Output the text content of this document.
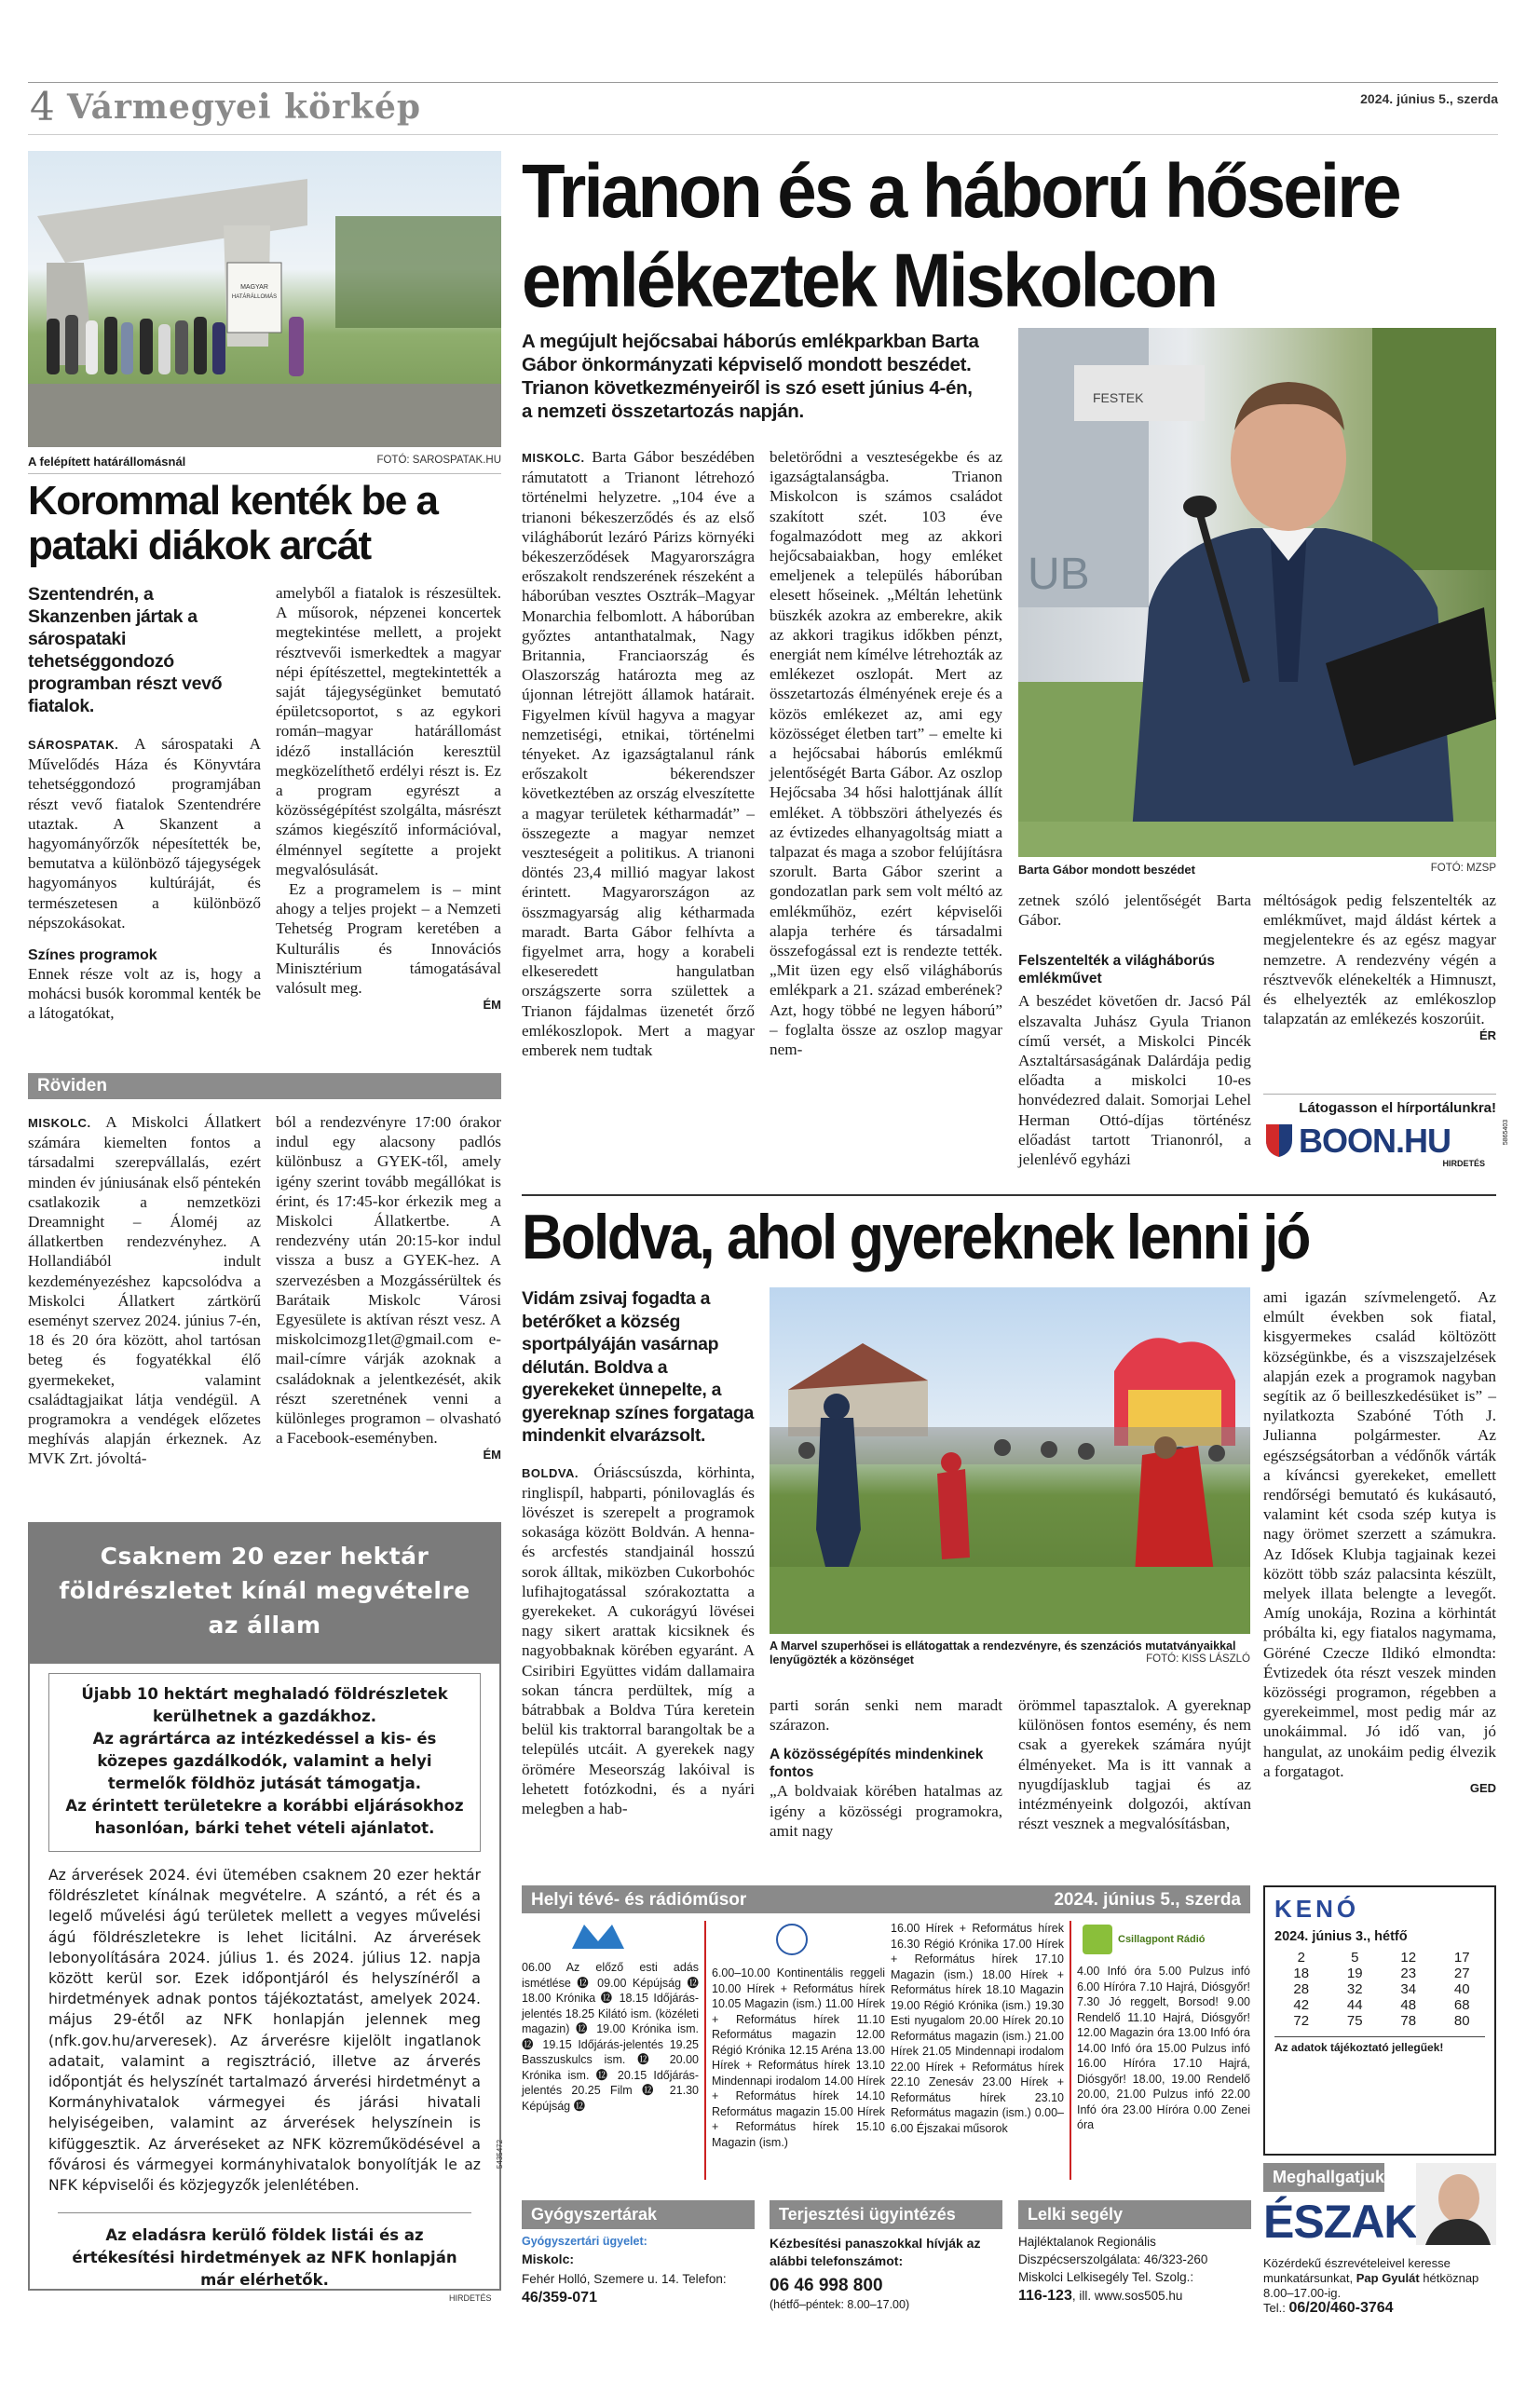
4 Vármegyei körkép	2024. június 5., szerda
MAGYAR
HATÁRÁLLOMÁS
A felépített határállomásnál	FOTÓ: SAROSPATAK.HU
Korommal kenték be a pataki diákok arcát
Szentendrén, a Skanzenben jártak a sárospataki tehetséggondozó programban részt vevő fiatalok.
SÁROSPATAK. A sárospataki A Művelődés Háza és Könyvtára tehetséggondozó programjában részt vevő fiatalok Szentendrére utaztak. A Skanzent a hagyományőrzők népesítették be, bemutatva a különböző tájegységek hagyományos kultúráját, és természetesen a különböző népszokásokat.
Színes programok
Ennek része volt az is, hogy a mohácsi busók korommal kenték be a látogatókat,
amelyből a fiatalok is részesültek. A műsorok, népzenei koncertek megtekintése mellett, a projekt résztvevői ismerkedtek a magyar népi építészettel, megtekintették a saját tájegységünket bemutató épületcsoportot, s az egykori román–magyar határállomást idéző installáción keresztül megközelíthető erdélyi részt is. Ez a program egyrészt a közösségépítést szolgálta, másrészt számos kiegészítő információval, élménnyel segítette a projekt megvalósulását.
Ez a programelem is – mint ahogy a teljes projekt – a Nemzeti Tehetség Program keretében a Kulturális és Innovációs Minisztérium támogatásával valósult meg.
ÉM
Röviden
MISKOLC. A Miskolci Állatkert számára kiemelten fontos a társadalmi szerepvállalás, ezért minden év júniusának első péntekén csatlakozik a nemzetközi Dreamnight – Áloméj az állatkertben rendezvényhez. A Hollandiából indult kezdeményezéshez kapcsolódva a Miskolci Állatkert zártkörű eseményt szervez 2024. június 7-én, 18 és 20 óra között, ahol tartósan beteg és fogyatékkal élő gyermekeket, valamint családtagjaikat látja vendégül. A programokra a vendégek előzetes meghívás alapján érkeznek. Az MVK Zrt. jóvoltá-
ból a rendezvényre 17:00 órakor indul egy alacsony padlós különbusz a GYEK-től, amely igény szerint tovább megállókat is érint, és 17:45-kor érkezik meg a Miskolci Állatkertbe. A rendezvény után 20:15-kor indul vissza a busz a GYEK-hez. A szervezésben a Mozgássérültek és Barátaik Miskolc Városi Egyesülete is aktívan részt vesz. A miskolcimozg1let@gmail.com e-mail-címre várják azoknak a családoknak a jelentkezését, akik részt szeretnének venni a különleges programon – olvasható a Facebook-eseményben.
ÉM
Csaknem 20 ezer hektár földrészletet kínál megvételre az állam
Újabb 10 hektárt meghaladó földrészletek kerülhetnek a gazdákhoz.
Az agrártárca az intézkedéssel a kis- és közepes gazdálkodók, valamint a helyi termelők földhöz jutását támogatja.
Az érintett területekre a korábbi eljárásokhoz hasonlóan, bárki tehet vételi ajánlatot.
Az árverések 2024. évi ütemében csaknem 20 ezer hektár földrészletet kínálnak megvételre. A szántó, a rét és a legelő művelési ágú területek mellett a vegyes művelési ágú földrészletekre is lehet licitálni. Az árverések lebonyolítására 2024. július 1. és 2024. július 12. napja között kerül sor. Ezek időpontjáról és helyszínéről a hirdetmények adnak pontos tájékoztatást, amelyek 2024. május 29-étől az NFK honlapján jelennek meg (nfk.gov.hu/arveresek). Az árverésre kijelölt ingatlanok adatait, valamint a regisztráció, illetve az árverés időpontját és helyszínét tartalmazó árverési hirdetményt a Kormányhivatalok vármegyei és járási hivatali helyiségeiben, valamint az árverések helyszínein is kifüggesztik. Az árveréseket az NFK közreműködésével a fővárosi és vármegyei kormányhivatalok bonyolítják le az NFK képviselői és közjegyzők jelenlétében.
Az eladásra kerülő földek listái és az értékesítési hirdetmények az NFK honlapján már elérhetők.
5435472
HIRDETÉS
Trianon és a háború hőseire emlékeztek Miskolcon
A megújult hejőcsabai háborús emlékparkban Barta Gábor önkormányzati képviselő mondott beszédet. Trianon következményeiről is szó esett június 4-én, a nemzeti összetartozás napján.
FESTEK
UB
Barta Gábor mondott beszédet	FOTÓ: MZSP
MISKOLC. Barta Gábor beszédében rámutatott a Trianont létrehozó történelmi helyzetre. „104 éve a trianoni békeszerződés és az első világháborút lezáró Párizs környéki békeszerződések Magyarországra erőszakolt rendszerének részeként a háborúban vesztes Osztrák–Magyar Monarchia felbomlott. A háborúban győztes antanthatalmak, Nagy Britannia, Franciaország és Olaszország határozta meg az újonnan létrejött államok határait. Figyelmen kívül hagyva a magyar nemzetiségi, etnikai, történelmi tényeket. Az igazságtalanul ránk erőszakolt békerendszer következtében az ország elveszítette a magyar területek kétharmadát” – összegezte a magyar nemzet veszteségeit a politikus. A trianoni döntés 23,4 millió magyar lakost érintett. Magyarországon az összmagyarság alig kétharmada maradt. Barta Gábor felhívta a figyelmet arra, hogy a korabeli elkeseredett hangulatban országszerte sorra születtek a Trianon fájdalmas üzenetét őrző emlékoszlopok. Mert a magyar emberek nem tudtak
beletörődni a veszteségekbe és az igazságtalanságba. Trianon Miskolcon is számos családot szakított szét. 103 éve fogalmazódott meg az akkori hejőcsabaiakban, hogy emléket emeljenek a település háborúban elesett hőseinek. „Méltán lehetünk büszkék azokra az emberekre, akik az akkori tragikus időkben pénzt, energiát nem kímélve létrehozták az emlékezet oszlopát. Mert az összetartozás élményének ereje és a közös emlékezet az, ami egy közösséget életben tart” – emelte ki a hejőcsabai háborús emlékmű jelentőségét Barta Gábor. Az oszlop Hejőcsaba 34 hősi halottjának állít emléket. A többszöri áthelyezés és az évtizedes elhanyagoltság miatt a talpazat és maga a szobor felújításra szorult. Barta Gábor szerint a gondozatlan park sem volt méltó az emlékműhöz, ezért képviselői alapja terhére és társadalmi összefogással ezt is rendezte tették. „Mit üzen egy első világháborús emlékpark a 21. század emberének? Azt, hogy többé ne legyen háború” – foglalta össze az oszlop magyar nem-
zetnek szóló jelentőségét Barta Gábor.
Felszentelték a világháborús emlékművet
A beszédet követően dr. Jacsó Pál elszavalta Juhász Gyula Trianon című versét, a Miskolci Pincék Asztaltársaságának Dalárdája pedig előadta a miskolci 10-es honvédezred dalait. Somorjai Lehel Herman Ottó-díjas történész előadást tartott Trianonról, a jelenlévő egyházi
méltóságok pedig felszentelték az emlékművet, majd áldást kértek a megjelentekre és az egész magyar nemzetre. A rendezvény végén a résztvevők elénekelték a Himnuszt, és elhelyezték az emlékoszlop talapzatán az emlékezés koszorúit.
ÉR
Látogasson el hírportálunkra!
BOON.HU
HIRDETÉS
5865403
Boldva, ahol gyereknek lenni jó
Vidám zsivaj fogadta a betérőket a község sportpályáján vasárnap délután. Boldva a gyerekeket ünnepelte, a gyereknap színes forgataga mindenkit elvarázsolt.
BOLDVA. Óriáscsúszda, körhinta, ringlispíl, habparti, pónilovaglás és lövészet is szerepelt a programok sokasága között Boldván. A henna- és arcfestés standjainál hosszú sorok álltak, miközben Cukorbohóc lufihajtogatással szórakoztatta a gyerekeket. A cukorágyú lövései nagy sikert arattak kicsiknek és nagyobbaknak körében egyaránt. A Csiribiri Együttes vidám dallamaira sokan táncra perdültek, míg a bátrabbak a Boldva Túra keretein belül kis traktorral barangoltak be a település utcáit. A gyerekek nagy örömére Meseország lakóival is lehetett fotózkodni, és a nyári melegben a hab-
A Marvel szuperhősei is ellátogattak a rendezvényre, és szenzációs mutatványaikkal lenyűgözték a közönséget	FOTÓ: KISS LÁSZLÓ
parti során senki nem maradt szárazon.
A közösségépítés mindenkinek fontos
„A boldvaiak körében hatalmas az igény a közösségi programokra, amit nagy
örömmel tapasztalok. A gyereknap különösen fontos esemény, és nem csak a gyerekek számára nyújt élményeket. Ma is itt vannak a nyugdíjasklub tagjai és az intézményeink dolgozói, aktívan részt vesznek a megvalósításban,
ami igazán szívmelengető. Az elmúlt években sok fiatal, kisgyermekes család költözött községünkbe, és a viszszajelzések alapján ezek a programok nagyban segítik az ő beilleszkedésüket is” – nyilatkozta Szabóné Tóth J. Julianna polgármester. Az egészségsátorban a védőnők várták a kíváncsi gyerekeket, emellett rendőrségi bemutató és kukásautó, valamint két csoda szép kutya is nagy örömet szerzett a számukra. Az Idősek Klubja tagjainak kezei között több száz palacsinta készült, melyek illata belengte a levegőt. Amíg unokája, Rozina a körhintát próbálta ki, egy fiatalos nagymama, Göréné Czecze Ildikó elmondta: Évtizedek óta részt veszek minden közösségi programon, régebben a gyerekeimmel, most pedig már az unokáimmal. Jó idő van, jó hangulat, az unokáim pedig élvezik a forgatagot.
GED
Helyi tévé- és rádióműsor	2024. június 5., szerda
06.00 Az előző esti adás ismétlése ⓬ 09.00 Képújság ⓬ 18.00 Krónika ⓬ 18.15 Időjárás-jelentés 18.25 Kilátó ism. (közéleti magazin) ⓬ 19.00 Krónika ism. ⓬ 19.15 Időjárás-jelentés 19.25 Basszuskulcs ism. ⓬ 20.00 Krónika ism. ⓬ 20.15 Időjárás-jelentés 20.25 Film ⓬ 21.30 Képújság ⓬
6.00–10.00 Kontinentális reggeli 10.00 Hírek + Református hírek 10.05 Magazin (ism.) 11.00 Hírek + Református hírek 11.10 Református magazin 12.00 Régió Krónika 12.15 Aréna 13.00 Hírek + Református hírek 13.10 Mindennapi irodalom 14.00 Hírek + Református hírek 14.10 Református magazin 15.00 Hírek + Református hírek 15.10 Magazin (ism.)
16.00 Hírek + Református hírek 16.30 Régió Krónika 17.00 Hírek + Református hírek 17.10 Magazin (ism.) 18.00 Hírek + Református hírek 18.10 Magazin 19.00 Régió Krónika (ism.) 19.30 Esti nyugalom 20.00 Hírek 20.10 Református magazin (ism.) 21.00 Hírek 21.05 Mindennapi irodalom 22.00 Hírek + Református hírek 22.10 Zenesáv 23.00 Hírek + Református hírek 23.10 Református magazin (ism.) 0.00–6.00 Éjszakai műsorok
Csillagpont Rádió
4.00 Infó óra 5.00 Pulzus infó 6.00 Híróra 7.10 Hajrá, Diósgyőr! 7.30 Jó reggelt, Borsod! 9.00 Rendelő 11.10 Hajrá, Diósgyőr! 12.00 Magazin óra 13.00 Infó óra 14.00 Infó óra 15.00 Pulzus infó 16.00 Híróra 17.10 Hajrá, Diósgyőr! 18.00, 19.00 Rendelő 20.00, 21.00 Pulzus infó 22.00 Infó óra 23.00 Híróra 0.00 Zenei óra
KENÓ
2024. június 3., hétfő
2	5	12	17
18	19	23	27
28	32	34	40
42	44	48	68
72	75	78	80
Az adatok tájékoztató jellegűek!
Gyógyszertárak
Gyógyszertári ügyelet:
Miskolc:
Fehér Holló, Szemere u. 14. Telefon:
46/359-071
Terjesztési ügyintézés
Kézbesítési panaszokkal hívják az alábbi telefonszámot:
06 46 998 800
(hétfő–péntek: 8.00–17.00)
Lelki segély
Hajléktalanok Regionális
Diszpécserszolgálata: 46/323-260
Miskolci Lelkisegély Tel. Szolg.:
116-123, ill. www.sos505.hu
Meghallgatjuk
ÉSZAK
Közérdekű észrevételeivel keresse munkatársunkat, Pap Gyulát hétköznap 8.00–17.00-ig.
Tel.: 06/20/460-3764
